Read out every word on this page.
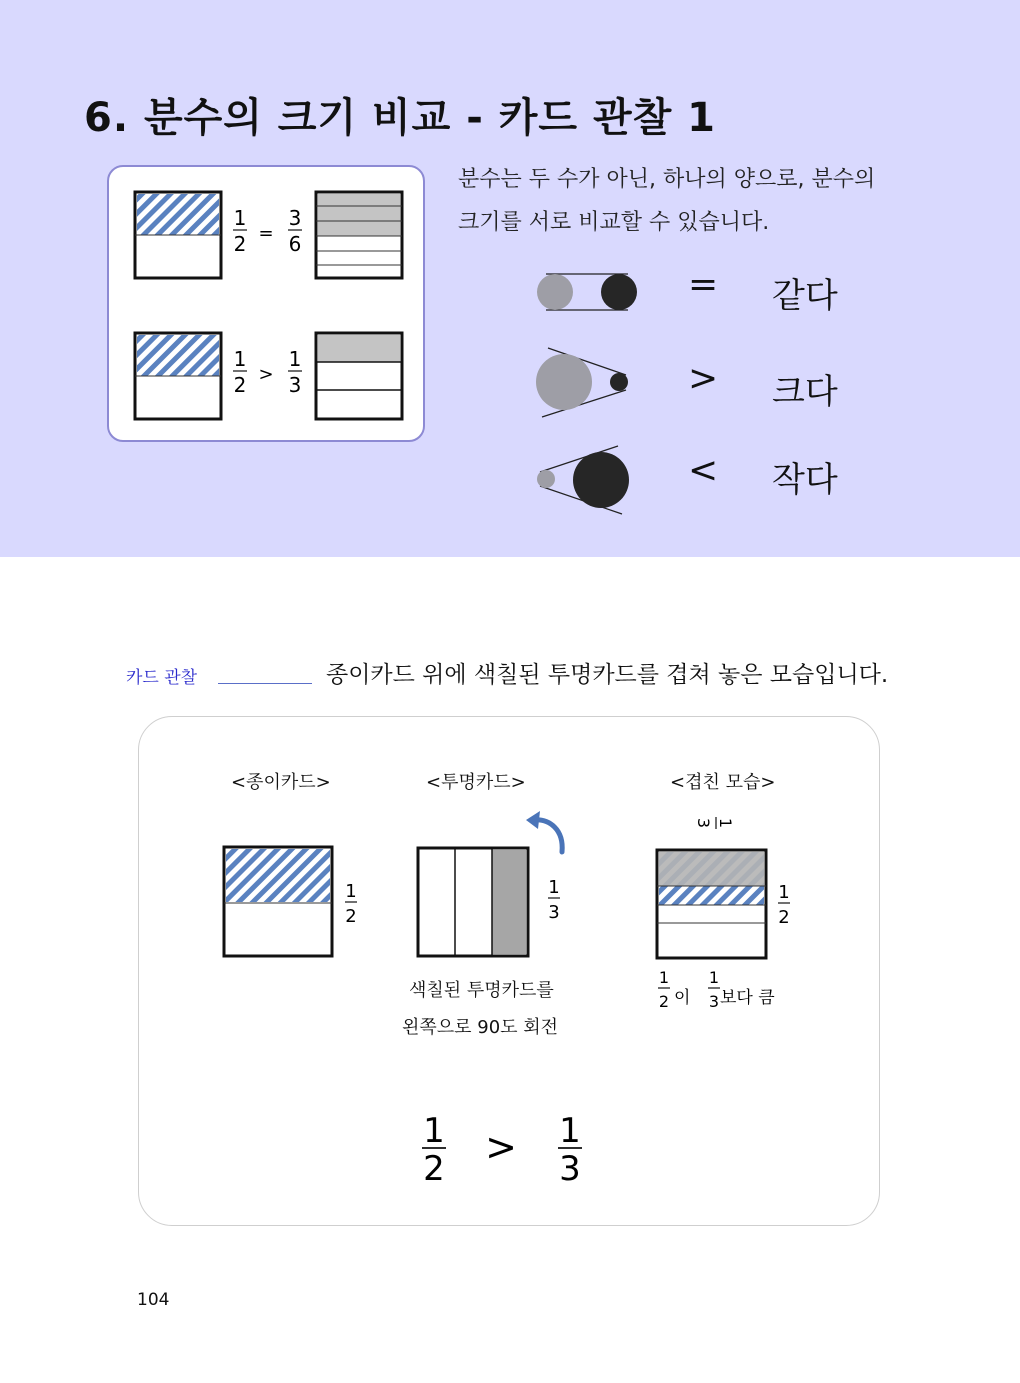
6. 분수의 크기 비교 - 카드 관찰 1
1
2 =
3
6
1
2 >
1
3
분수는 두 수가 아닌, 하나의 양으로, 분수의
크기를 서로 비교할 수 있습니다.
= 같다
> 크다
< 작다
카드 관찰	종이카드 위에 색칠된 투명카드를 겹쳐 놓은 모습입니다.
<종이카드>	<투명카드>	<겹친 모습>
1
2
1
3
1
3
1
2
1
2 이
1
3 보다 큼
색칠된 투명카드를
왼쪽으로 90도 회전
1
2 > 1
3
104
